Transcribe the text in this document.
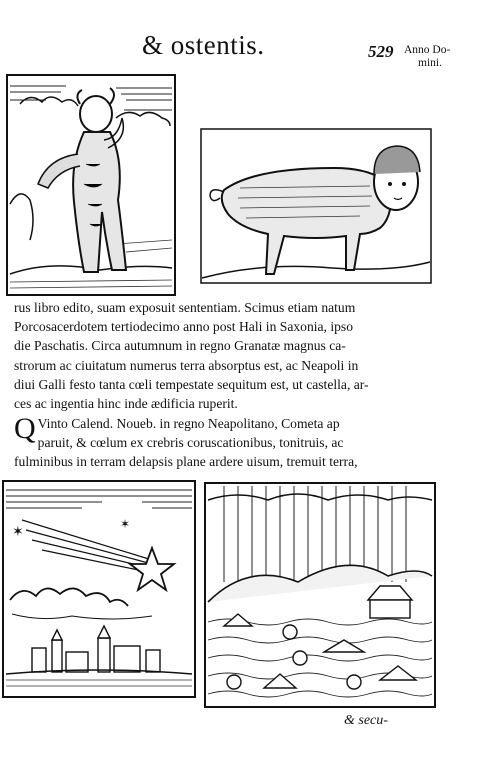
& ostentis.	529 Anno Do-
mini.
rus libro edito, suam exposuit sententiam. Scimus etiam natum
Porcosacerdotem tertiodecimo anno post Hali in Saxonia, ipso
die Paschatis. Circa autumnum in regno Granatæ magnus ca-
strorum ac ciuitatum numerus terra absorptus est, ac Neapoli in
diui Galli festo tanta cœli tempestate sequitum est, ut castella, ar-
ces ac ingentia hinc inde ædificia ruperit.
Q Vinto Calend. Noueb. in regno Neapolitano, Cometa ap
paruit, & cœlum ex crebris coruscationibus, tonitruis, ac
fulminibus in terram delapsis plane ardere uisum, tremuit terra,
✶	✶
& secu-
